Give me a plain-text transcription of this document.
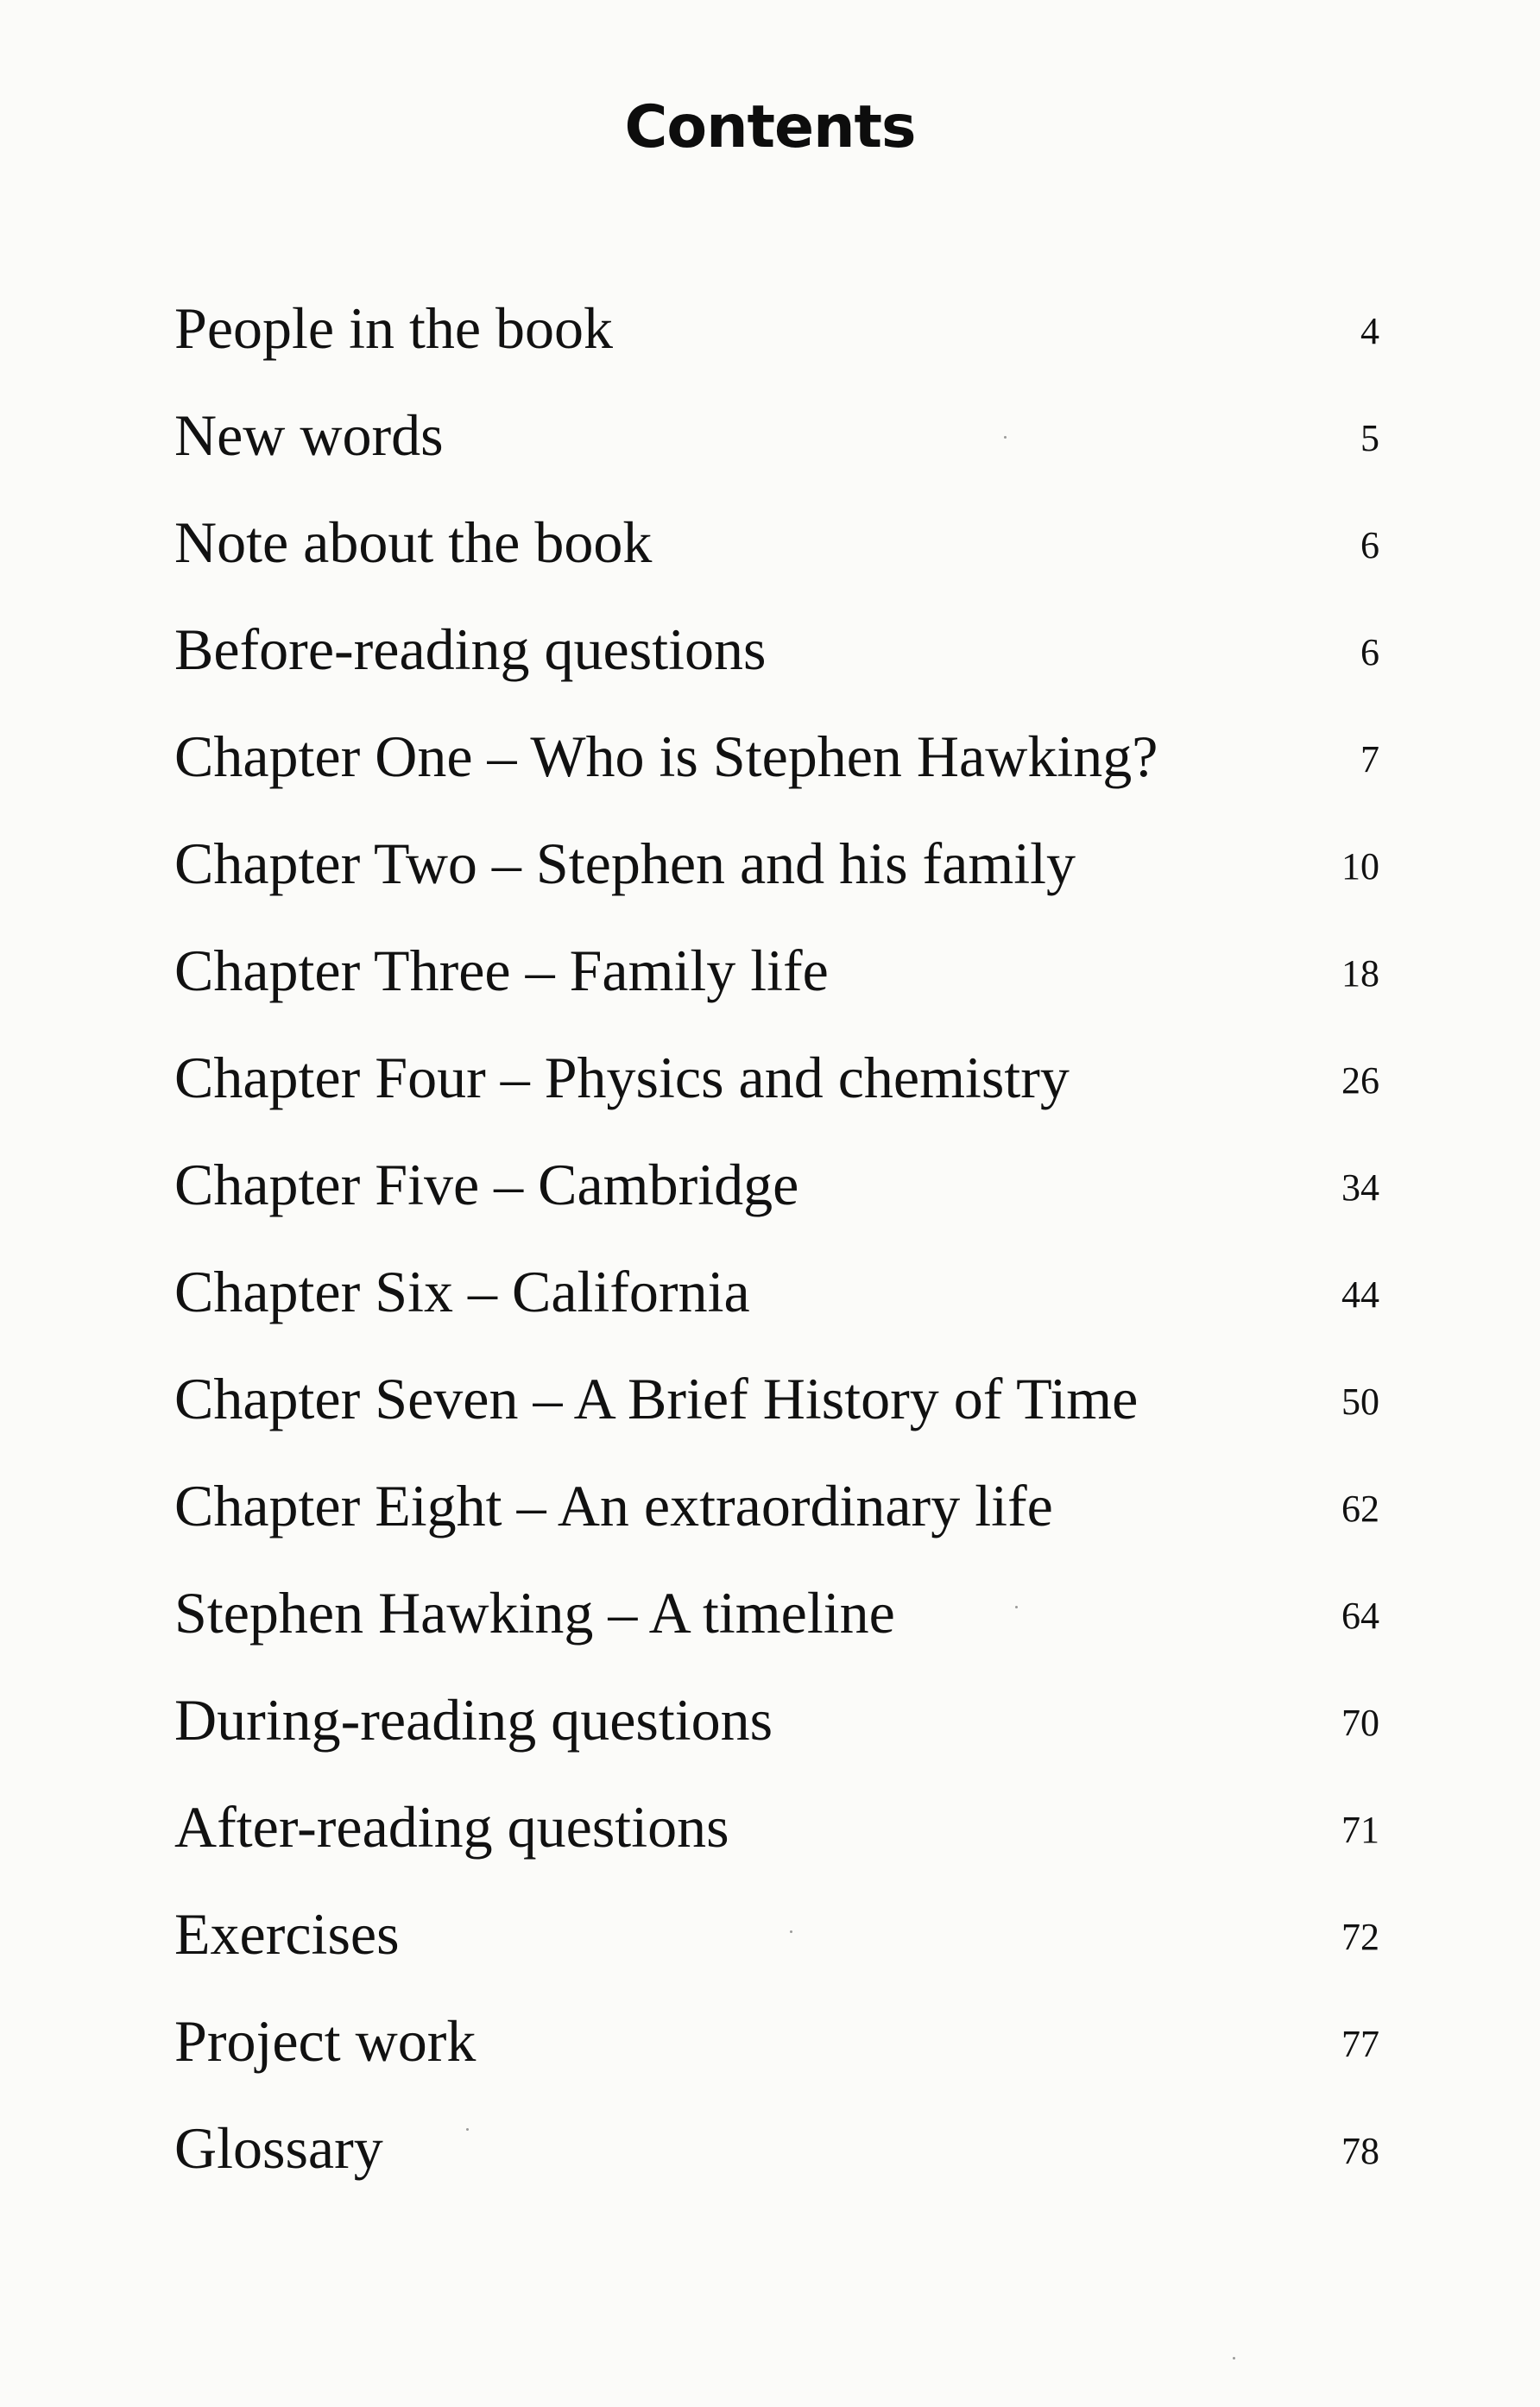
Contents
People in the book	4
New words	5
Note about the book	6
Before-reading questions	6
Chapter One – Who is Stephen Hawking?	7
Chapter Two – Stephen and his family	10
Chapter Three – Family life	18
Chapter Four – Physics and chemistry	26
Chapter Five – Cambridge	34
Chapter Six – California	44
Chapter Seven – A Brief History of Time	50
Chapter Eight – An extraordinary life	62
Stephen Hawking – A timeline	64
During-reading questions	70
After-reading questions	71
Exercises	72
Project work	77
Glossary	78
